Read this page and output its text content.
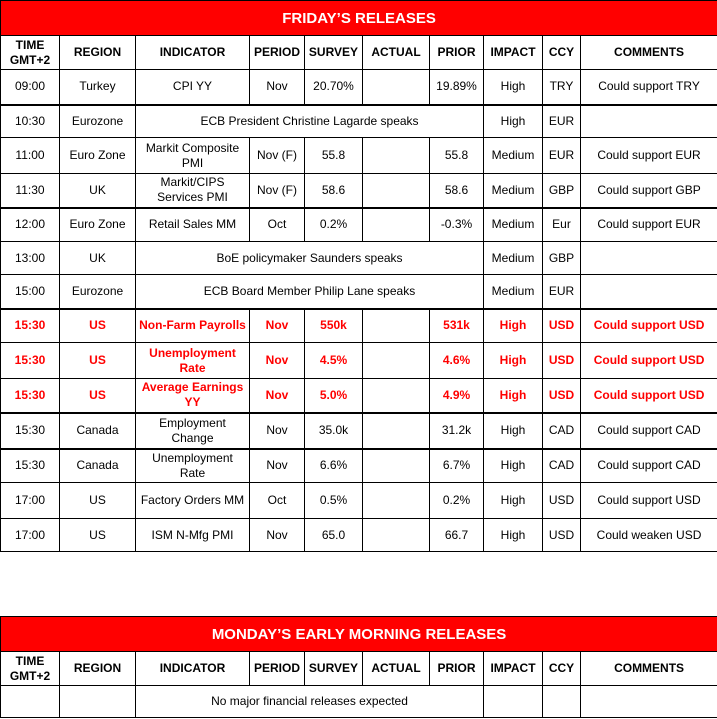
FRIDAY’S RELEASES									
TIME GMT+2	REGION	INDICATOR	PERIOD	SURVEY	ACTUAL	PRIOR	IMPACT	CCY	COMMENTS
09:00	Turkey	CPI YY	Nov	20.70%		19.89%	High	TRY	Could support TRY
10:30	Eurozone	ECB President Christine Lagarde speaks					High	EUR	
11:00	Euro Zone	Markit Composite PMI	Nov (F)	55.8		55.8	Medium	EUR	Could support EUR
11:30	UK	Markit/CIPS Services PMI	Nov (F)	58.6		58.6	Medium	GBP	Could support GBP
12:00	Euro Zone	Retail Sales MM	Oct	0.2%		-0.3%	Medium	Eur	Could support EUR
13:00	UK	BoE policymaker Saunders speaks					Medium	GBP	
15:00	Eurozone	ECB Board Member Philip Lane speaks					Medium	EUR	
15:30	US	Non-Farm Payrolls	Nov	550k		531k	High	USD	Could support USD
15:30	US	Unemployment Rate	Nov	4.5%		4.6%	High	USD	Could support USD
15:30	US	Average Earnings YY	Nov	5.0%		4.9%	High	USD	Could support USD
15:30	Canada	Employment Change	Nov	35.0k		31.2k	High	CAD	Could support CAD
15:30	Canada	Unemployment Rate	Nov	6.6%		6.7%	High	CAD	Could support CAD
17:00	US	Factory Orders MM	Oct	0.5%		0.2%	High	USD	Could support USD
17:00	US	ISM N-Mfg PMI	Nov	65.0		66.7	High	USD	Could weaken USD
MONDAY’S EARLY MORNING RELEASES									
TIME GMT+2	REGION	INDICATOR	PERIOD	SURVEY	ACTUAL	PRIOR	IMPACT	CCY	COMMENTS
		No major financial releases expected							
